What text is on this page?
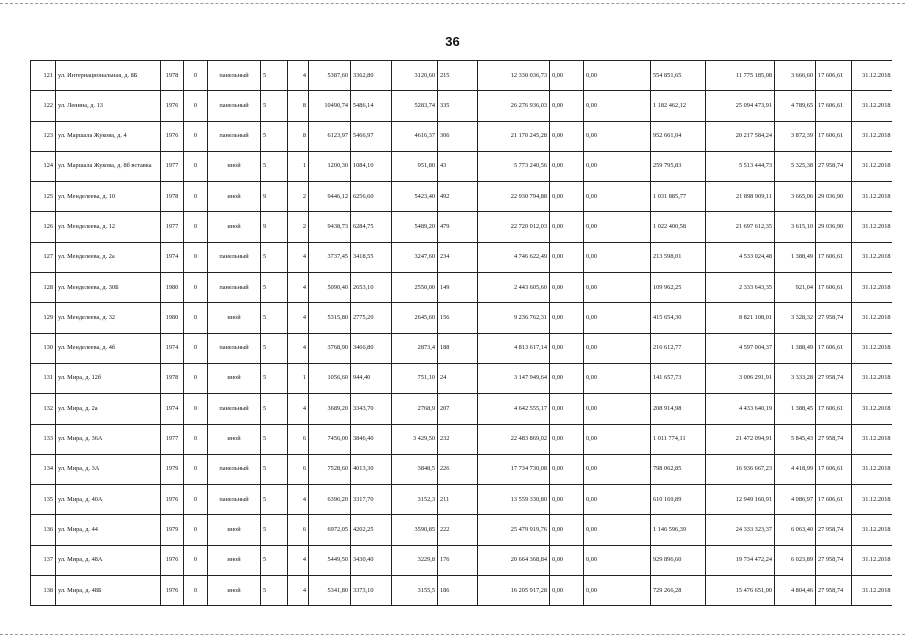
36
121	ул. Интернациональная, д. 8Б	1978	0	панельный	5	4	5387,60	3362,80	3120,60	215	12 330 036,73	0,00	0,00	554 851,65	11 775 185,08	3 666,60	17 606,61	31.12.2018
122	ул. Ленина, д. 13	1976	0	панельный	5	8	10490,74	5486,14	5283,74	335	26 276 936,03	0,00	0,00	1 182 462,12	25 094 473,91	4 789,65	17 606,61	31.12.2018
123	ул. Маршала Жукова, д. 4	1976	0	панельный	5	8	6123,97	5466,97	4616,37	306	21 170 245,28	0,00	0,00	952 661,04	20 217 584,24	3 872,39	17 606,61	31.12.2018
124	ул. Маршала Жукова, д. 8б вставка	1977	0	иной	5	1	1200,30	1084,10	951,80	43	5 773 240,56	0,00	0,00	259 795,83	5 513 444,73	5 325,38	27 958,74	31.12.2018
125	ул. Менделеева, д. 10	1978	0	иной	9	2	9446,12	6256,60	5423,40	492	22 930 794,88	0,00	0,00	1 031 885,77	21 898 909,11	3 665,06	29 036,90	31.12.2018
126	ул. Менделеева, д. 12	1977	0	иной	9	2	9438,73	6284,75	5489,20	479	22 720 012,03	0,00	0,00	1 022 400,58	21 697 612,35	3 615,10	29 036,90	31.12.2018
127	ул. Менделеева, д. 2а	1974	0	панельный	5	4	3737,45	3418,55	3247,60	234	4 746 622,49	0,00	0,00	213 598,01	4 533 024,48	1 388,49	17 606,61	31.12.2018
128	ул. Менделеева, д. 30Б	1980	0	панельный	5	4	5090,40	2653,10	2550,00	149	2 443 605,60	0,00	0,00	109 962,25	2 333 643,35	921,04	17 606,61	31.12.2018
129	ул. Менделеева, д. 32	1980	0	иной	5	4	5315,80	2775,20	2645,60	156	9 236 762,31	0,00	0,00	415 654,30	8 821 108,01	3 328,32	27 958,74	31.12.2018
130	ул. Менделеева, д. 4б	1974	0	панельный	5	4	3768,90	3466,80	2873,4	188	4 813 617,14	0,00	0,00	216 612,77	4 597 004,37	1 388,49	17 606,61	31.12.2018
131	ул. Мира, д. 12б	1978	0	иной	5	1	1056,60	944,40	751,10	24	3 147 949,64	0,00	0,00	141 657,73	3 006 291,91	3 333,28	27 958,74	31.12.2018
132	ул. Мира, д. 2а	1974	0	панельный	5	4	3689,20	3343,70	2768,9	207	4 642 555,17	0,00	0,00	208 914,98	4 433 640,19	1 388,45	17 606,61	31.12.2018
133	ул. Мира, д. 36А	1977	0	иной	5	6	7456,00	3846,40	3 429,50	232	22 483 869,02	0,00	0,00	1 011 774,11	21 472 094,91	5 845,43	27 958,74	31.12.2018
134	ул. Мира, д. 3А	1979	0	панельный	5	6	7528,60	4013,30	3848,5	226	17 734 730,08	0,00	0,00	798 062,85	16 936 667,23	4 418,99	17 606,61	31.12.2018
135	ул. Мира, д. 40А	1976	0	панельный	5	4	6396,20	3317,70	3152,3	211	13 559 330,80	0,00	0,00	610 169,89	12 949 160,91	4 086,97	17 606,61	31.12.2018
136	ул. Мира, д. 44	1979	0	иной	5	6	6972,05	4202,25	3590,85	222	25 479 919,76	0,00	0,00	1 146 596,39	24 333 323,37	6 063,40	27 958,74	31.12.2018
137	ул. Мира, д. 48А	1976	0	иной	5	4	5449,50	3430,40	3229,8	176	20 664 368,84	0,00	0,00	929 896,60	19 734 472,24	6 023,89	27 958,74	31.12.2018
138	ул. Мира, д. 48Б	1976	0	иной	5	4	5341,80	3373,10	3155,5	186	16 205 917,28	0,00	0,00	729 266,28	15 476 651,00	4 804,46	27 958,74	31.12.2018
